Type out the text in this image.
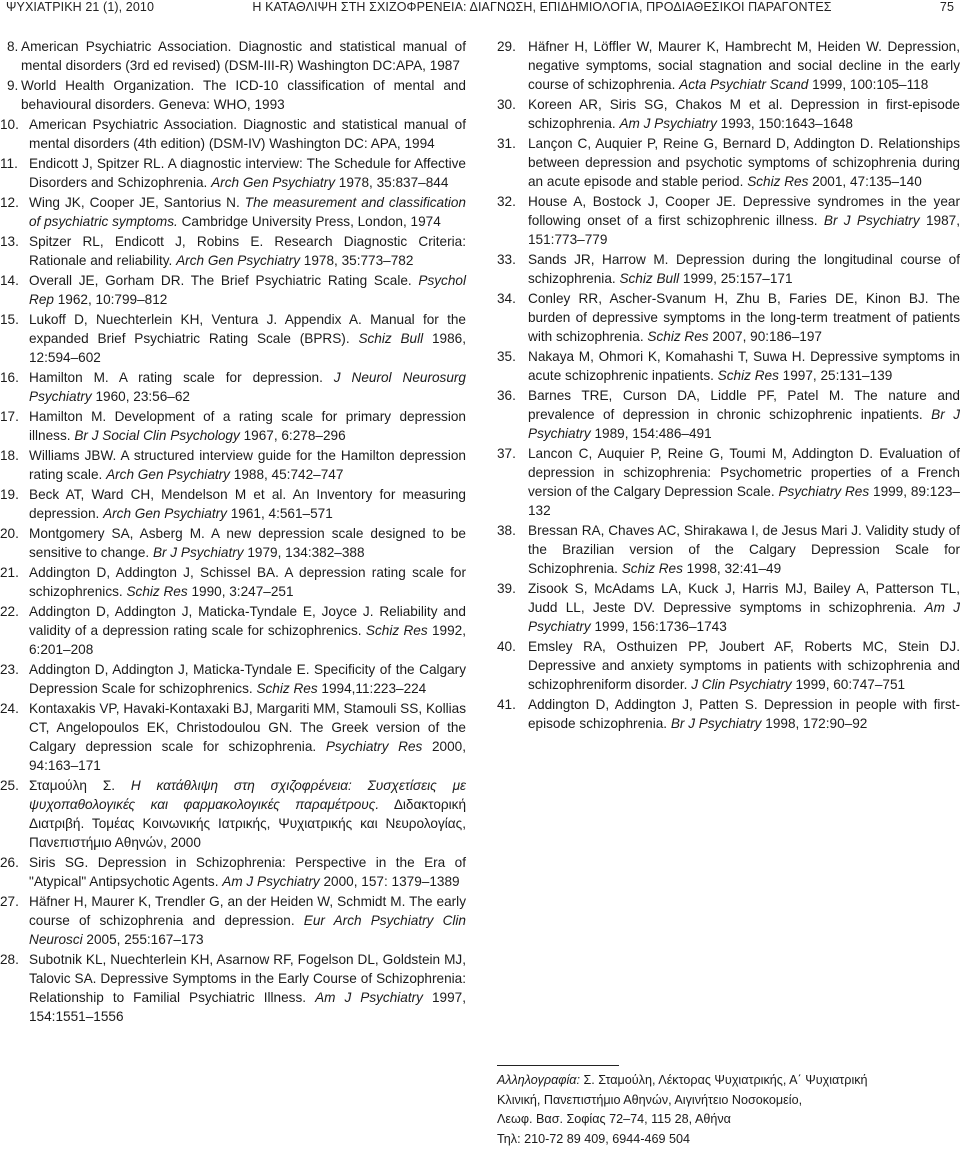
ΨΥΧΙΑΤΡΙΚΗ 21 (1), 2010	Η ΚΑΤΑΘΛΙΨΗ ΣΤΗ ΣΧΙΖΟΦΡΕΝΕΙΑ: ΔΙΑΓΝΩΣΗ, ΕΠΙΔΗΜΙΟΛΟΓΙΑ, ΠΡΟΔΙΑΘΕΣΙΚΟΙ ΠΑΡΑΓΟΝΤΕΣ	75
8. American Psychiatric Association. Diagnostic and statistical manual of mental disorders (3rd ed revised) (DSM-III-R) Washington DC:APA, 1987
9. World Health Organization. The ICD-10 classification of mental and behavioural disorders. Geneva: WHO, 1993
10. American Psychiatric Association. Diagnostic and statistical manual of mental disorders (4th edition) (DSM-IV) Washington DC: APA, 1994
11. Endicott J, Spitzer RL. A diagnostic interview: The Schedule for Affective Disorders and Schizophrenia. Arch Gen Psychiatry 1978, 35:837–844
12. Wing JK, Cooper JE, Santorius N. The measurement and classification of psychiatric symptoms. Cambridge University Press, London, 1974
13. Spitzer RL, Endicott J, Robins E. Research Diagnostic Criteria: Rationale and reliability. Arch Gen Psychiatry 1978, 35:773–782
14. Overall JE, Gorham DR. The Brief Psychiatric Rating Scale. Psychol Rep 1962, 10:799–812
15. Lukoff D, Nuechterlein KH, Ventura J. Appendix A. Manual for the expanded Brief Psychiatric Rating Scale (BPRS). Schiz Bull 1986, 12:594–602
16. Hamilton M. A rating scale for depression. J Neurol Neurosurg Psychiatry 1960, 23:56–62
17. Hamilton M. Development of a rating scale for primary depression illness. Br J Social Clin Psychology 1967, 6:278–296
18. Williams JBW. A structured interview guide for the Hamilton depression rating scale. Arch Gen Psychiatry 1988, 45:742–747
19. Beck AT, Ward CH, Mendelson M et al. An Inventory for measuring depression. Arch Gen Psychiatry 1961, 4:561–571
20. Montgomery SA, Asberg M. A new depression scale designed to be sensitive to change. Br J Psychiatry 1979, 134:382–388
21. Addington D, Addington J, Schissel BA. A depression rating scale for schizophrenics. Schiz Res 1990, 3:247–251
22. Addington D, Addington J, Maticka-Tyndale E, Joyce J. Reliability and validity of a depression rating scale for schizophrenics. Schiz Res 1992, 6:201–208
23. Addington D, Addington J, Maticka-Tyndale E. Specificity of the Calgary Depression Scale for schizophrenics. Schiz Res 1994,11:223–224
24. Kontaxakis VP, Havaki-Kontaxaki BJ, Margariti MM, Stamouli SS, Kollias CT, Angelopoulos EK, Christodoulou GN. The Greek version of the Calgary depression scale for schizophrenia. Psychiatry Res 2000, 94:163–171
25. Σταμούλη Σ. Η κατάθλιψη στη σχιζοφρένεια: Συσχετίσεις με ψυχοπαθολογικές και φαρμακολογικές παραμέτρους. Διδακτορική Διατριβή. Τομέας Κοινωνικής Ιατρικής, Ψυχιατρικής και Νευρολογίας, Πανεπιστήμιο Αθηνών, 2000
26. Siris SG. Depression in Schizophrenia: Perspective in the Era of "Atypical" Antipsychotic Agents. Am J Psychiatry 2000, 157: 1379–1389
27. Häfner H, Maurer K, Trendler G, an der Heiden W, Schmidt M. The early course of schizophrenia and depression. Eur Arch Psychiatry Clin Neurosci 2005, 255:167–173
28. Subotnik KL, Nuechterlein KH, Asarnow RF, Fogelson DL, Goldstein MJ, Talovic SA. Depressive Symptoms in the Early Course of Schizophrenia: Relationship to Familial Psychiatric Illness. Am J Psychiatry 1997, 154:1551–1556
29. Häfner H, Löffler W, Maurer K, Hambrecht M, Heiden W. Depression, negative symptoms, social stagnation and social decline in the early course of schizophrenia. Acta Psychiatr Scand 1999, 100:105–118
30. Koreen AR, Siris SG, Chakos M et al. Depression in first-episode schizophrenia. Am J Psychiatry 1993, 150:1643–1648
31. Lançon C, Auquier P, Reine G, Bernard D, Addington D. Relationships between depression and psychotic symptoms of schizophrenia during an acute episode and stable period. Schiz Res 2001, 47:135–140
32. House A, Bostock J, Cooper JE. Depressive syndromes in the year following onset of a first schizophrenic illness. Br J Psychiatry 1987, 151:773–779
33. Sands JR, Harrow M. Depression during the longitudinal course of schizophrenia. Schiz Bull 1999, 25:157–171
34. Conley RR, Ascher-Svanum H, Zhu B, Faries DE, Kinon BJ. The burden of depressive symptoms in the long-term treatment of patients with schizophrenia. Schiz Res 2007, 90:186–197
35. Nakaya M, Ohmori K, Komahashi T, Suwa H. Depressive symptoms in acute schizophrenic inpatients. Schiz Res 1997, 25:131–139
36. Barnes TRE, Curson DA, Liddle PF, Patel M. The nature and prevalence of depression in chronic schizophrenic inpatients. Br J Psychiatry 1989, 154:486–491
37. Lancon C, Auquier P, Reine G, Toumi M, Addington D. Evaluation of depression in schizophrenia: Psychometric properties of a French version of the Calgary Depression Scale. Psychiatry Res 1999, 89:123–132
38. Bressan RA, Chaves AC, Shirakawa I, de Jesus Mari J. Validity study of the Brazilian version of the Calgary Depression Scale for Schizophrenia. Schiz Res 1998, 32:41–49
39. Zisook S, McAdams LA, Kuck J, Harris MJ, Bailey A, Patterson TL, Judd LL, Jeste DV. Depressive symptoms in schizophrenia. Am J Psychiatry 1999, 156:1736–1743
40. Emsley RA, Osthuizen PP, Joubert AF, Roberts MC, Stein DJ. Depressive and anxiety symptoms in patients with schizophrenia and schizophreniform disorder. J Clin Psychiatry 1999, 60:747–751
41. Addington D, Addington J, Patten S. Depression in people with first-episode schizophrenia. Br J Psychiatry 1998, 172:90–92
Αλληλογραφία: Σ. Σταμούλη, Λέκτορας Ψυχιατρικής, Α΄ Ψυχιατρική
Κλινική, Πανεπιστήμιο Αθηνών, Αιγινήτειο Νοσοκομείο,
Λεωφ. Βασ. Σοφίας 72–74, 115 28, Αθήνα
Τηλ: 210-72 89 409, 6944-469 504
